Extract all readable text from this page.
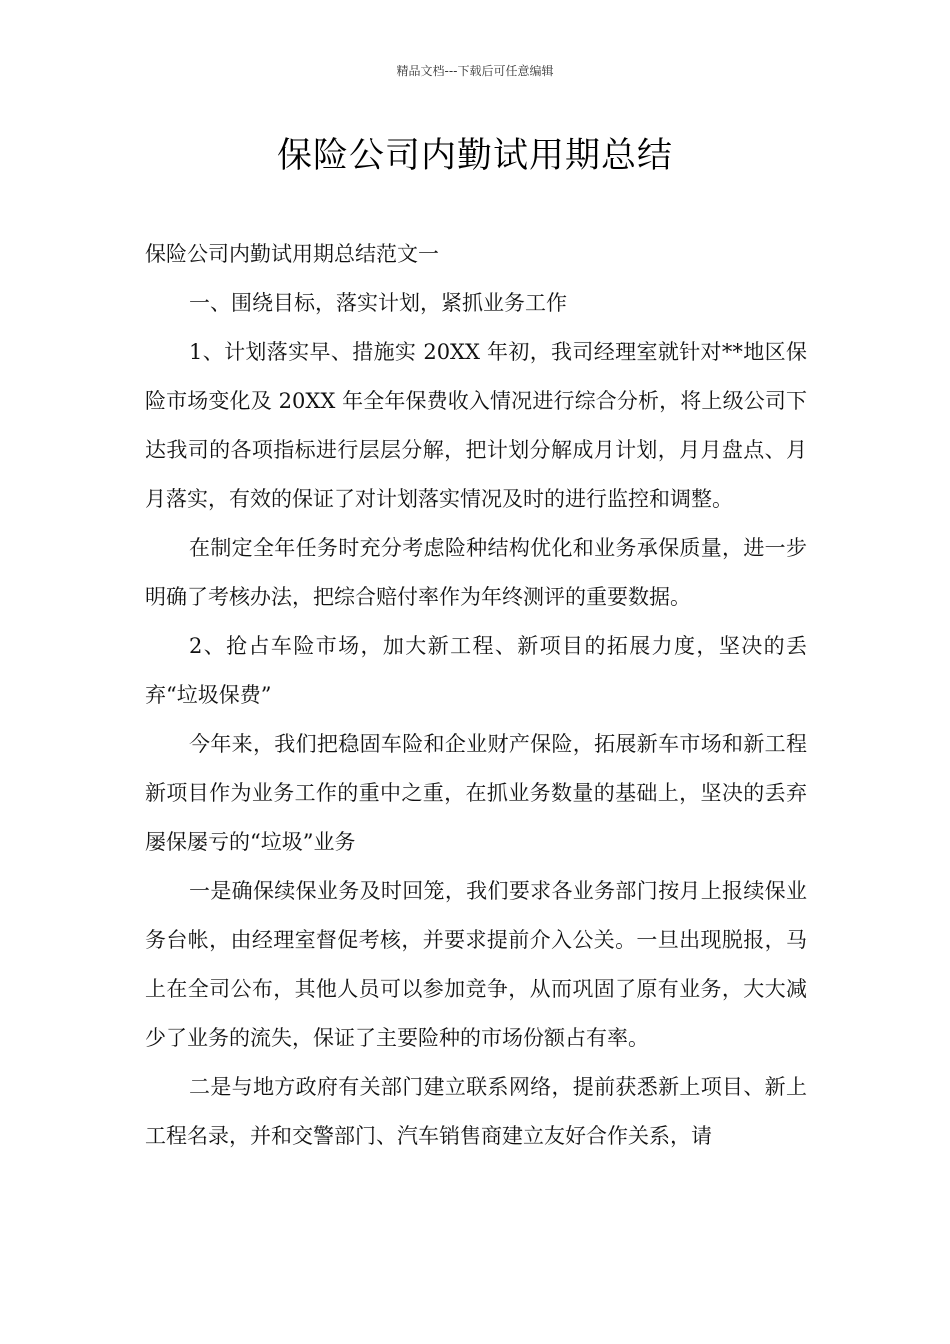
精品文档---下载后可任意编辑
保险公司内勤试用期总结

保险公司内勤试用期总结范文一

一、围绕目标，落实计划，紧抓业务工作

1、计划落实早、措施实 20XX 年初，我司经理室就针对**地区保险市场变化及 20XX 年全年保费收入情况进行综合分析，将上级公司下达我司的各项指标进行层层分解，把计划分解成月计划，月月盘点、月月落实，有效的保证了对计划落实情况及时的进行监控和调整。

在制定全年任务时充分考虑险种结构优化和业务承保质量，进一步明确了考核办法，把综合赔付率作为年终测评的重要数据。

2、抢占车险市场，加大新工程、新项目的拓展力度，坚决的丢弃“垃圾保费”

今年来，我们把稳固车险和企业财产保险，拓展新车市场和新工程新项目作为业务工作的重中之重，在抓业务数量的基础上，坚决的丢弃屡保屡亏的“垃圾”业务

一是确保续保业务及时回笼，我们要求各业务部门按月上报续保业务台帐，由经理室督促考核，并要求提前介入公关。一旦出现脱报，马上在全司公布，其他人员可以参加竞争，从而巩固了原有业务，大大减少了业务的流失，保证了主要险种的市场份额占有率。

二是与地方政府有关部门建立联系网络，提前获悉新上项目、新上工程名录，并和交警部门、汽车销售商建立友好合作关系，请
